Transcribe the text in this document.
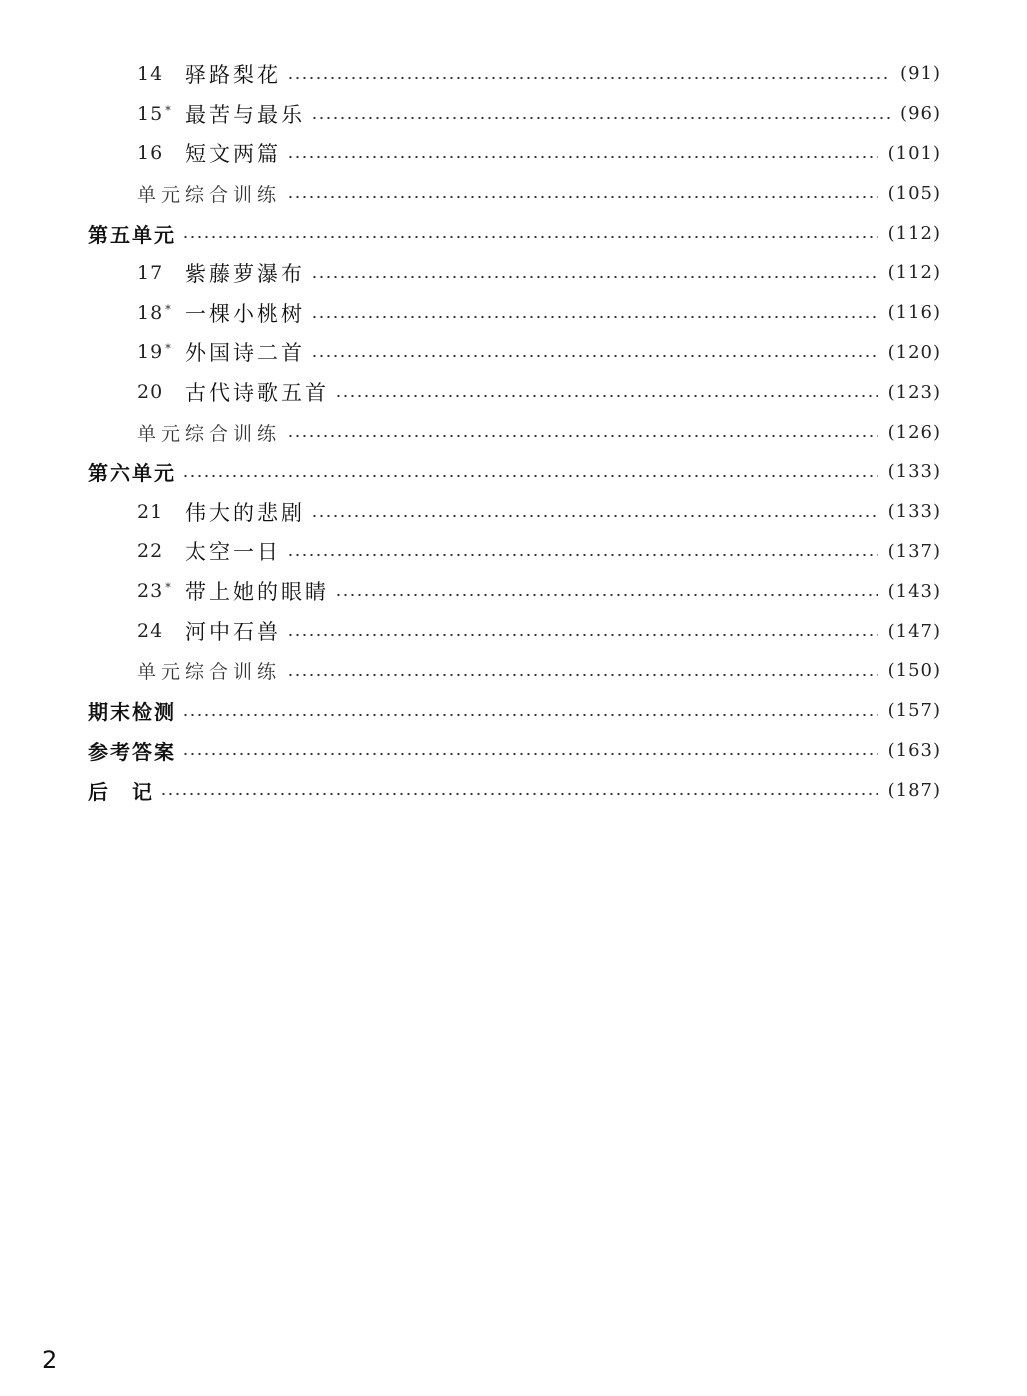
14	驿路梨花	(91)
15 * 最苦与最乐	(96)
16	短文两篇	(101)
单元综合训练	(105)
第五单元	(112)
17	紫藤萝瀑布	(112)
18 * 一棵小桃树	(116)
19 * 外国诗二首	(120)
20	古代诗歌五首	(123)
单元综合训练	(126)
第六单元	(133)
21	伟大的悲剧	(133)
22	太空一日	(137)
23 * 带上她的眼睛	(143)
24	河中石兽	(147)
单元综合训练	(150)
期末检测	(157)
参考答案	(163)
后　记	(187)
2
